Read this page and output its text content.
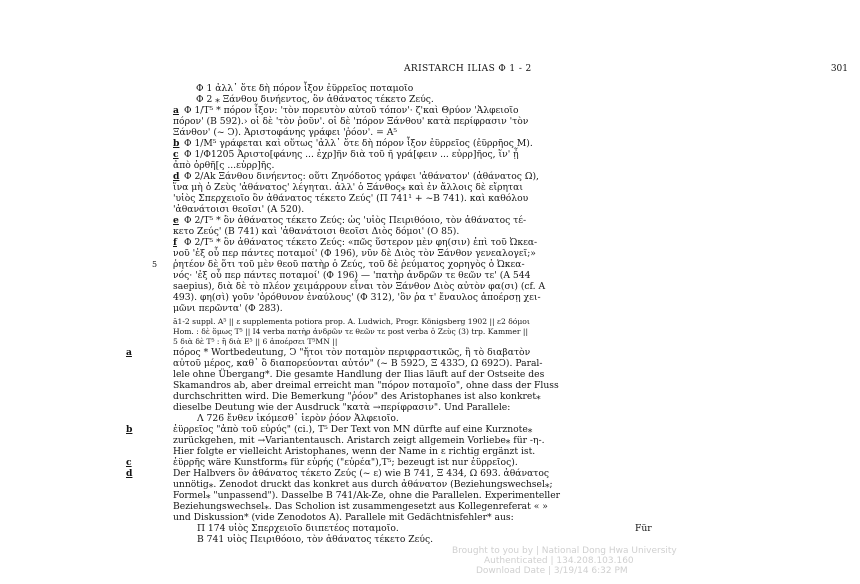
ARISTARCH ILIAS Φ 1 - 2	301
Φ 1 ἀλλ᾽ ὅτε δὴ πόρον ἷξον ἐϋρρεῖος ποταμοῖο
Φ 2 ⁎ Ξάνθου δινήεντος, ὃν ἀθάνατος τέκετο Ζεύς.
a Φ 1/Τ⁵ * πόρον ἷξον: 'τὸν πορευτὸν αὐτοῦ τόπον'· ζ'καὶ Θρύον 'Ἀλφειοῖο
πόρον' (Β 592).› οἱ δὲ 'τὸν ῥοῦν'. οἱ δὲ 'πόρον Ξάνθου' κατὰ περίφρασιν 'τὸν
Ξάνθον' (~ Ͻ). Ἀριστοφάνης γράφει 'ῥόον'. = Α⁵
b Φ 1/Μ⁵ γράφεται καὶ οὕτως 'ἀλλ᾽ ὅτε δὴ πόρον ἷξον ἐϋρρεῖος (ἐϋρρῆος Μ).
c Φ 1/Φ1205 Ἀριστο[φάνης ... ἐχρ]ῆν διὰ τοῦ η̄ γρά[φειν ... εὐρρ]ῆος, ἵν' ᾖ
ἀπὸ ὀρθῆ[ς ...εὐρρ]ῆς.
d Φ 2/Ak Ξάνθου δινήεντος: οὕτι Ζηνόδοτος γράφει 'ἀθάνατον' (ἀθάνατος Ω),
ἵνα μὴ ὁ Ζεὺς 'ἀθάνατος' λέγηται. ἀλλ' ὁ Ξάνθος⁎ καὶ ἐν ἄλλοις δὲ εἴρηται
'υἱὸς Σπερχειοῖο ὃν ἀθάνατος τέκετο Ζεύς' (Π 741¹ + ~Β 741). καὶ καθόλου
'ἀθανάτοισι θεοῖσι' (Α 520).
e Φ 2/Τ⁵ * ὃν ἀθάνατος τέκετο Ζεύς: ὡς 'υἱὸς Πειριθόοιο, τὸν ἀθάνατος τέ-
κετο Ζεύς' (Β 741) καὶ 'ἀθανάτοισι θεοῖσι Διὸς δόμοι' (Ο 85).
f Φ 2/Τ⁵ * ὃν ἀθάνατος τέκετο Ζεύς: «πῶς ὕστερον μὲν φη(σιν) ἐπὶ τοῦ Ὠκεα-
νοῦ 'ἐξ οὗ περ πάντες ποταμοί' (Φ 196), νῦν δὲ Διὸς τὸν Ξάνθον γενεαλογεῖ;»
5 ῥητέον δὲ ὅτι τοῦ μὲν θεοῦ πατὴρ ὁ Ζεύς, τοῦ δὲ ῥεύματος χορηγὸς ὁ Ὠκεα-
νός· 'ἐξ οὗ περ πάντες ποταμοί' (Φ 196) — 'πατὴρ ἀνδρῶν τε θεῶν τε' (Α 544
saepius), διὰ δὲ τὸ πλέον χειμάρρουν εἶναι τὸν Ξάνθον Διὸς αὐτὸν φα(σι) (cf. Α
493). φη(σὶ) γοῦν 'ὀρόθυνον ἐναύλους' (Φ 312), 'ὃν ῥα τ' ἔναυλος ἀποέρσῃ χει-
μῶνι περῶντα' (Φ 283).
ā1-2 suppl. A⁵ || ε supplementa potiora prop. A. Ludwich, Progr. Königsberg 1902 || ε2 δόμοι
Hom. : δὲ ὅμως Τ⁵ || Ι4 verba πατὴρ ἀνδρῶν τε θεῶν τε post verba ὁ Ζεὺς (3) trp. Kammer ||
5 διὰ δὲ Τ⁵ : ἢ διὰ Ε⁵ || 6 ἀποέρσει Τ⁵ΜΝ ||
a	πόρος * Wortbedeutung, Ͻ "ἤτοι τὸν ποταμὸν περιφραστικῶς, ἢ τὸ διαβατὸν
αὐτοῦ μέρος, καθ᾽ ὃ διαπορεύονται αὐτόν" (~ Β 592Ͻ, Ξ 433Ͻ, Ω 692Ͻ). Paral-
lele ohne Übergang*. Die gesamte Handlung der Ilias läuft auf der Ostseite des
Skamandros ab, aber dreimal erreicht man "πόρον ποταμοῖο", ohne dass der Fluss
durchschritten wird. Die Bemerkung "ῥόον" des Aristophanes ist also konkret⁎
dieselbe Deutung wie der Ausdruck "κατὰ →περίφρασιν". Und Parallele:
Λ 726 ἔνθεν ἱκόμεσθ᾽ ἱερὸν ῥόον Ἀλφειοῖο.
b	ἐϋρρεῖος "ἀπὸ τοῦ εὐρύς" (ci.), Τ⁵ Der Text von MN dürfte auf eine Kurznote⁎
zurückgehen, mit →Variantentausch. Aristarch zeigt allgemein Vorliebe⁎ für -η-.
Hier folgte er vielleicht Aristophanes, wenn der Name in ε richtig ergänzt ist.
c	ἐϋρρῆς wäre Kunstform⁎ für εὐρής ("εὐρέα"),Τ⁵; bezeugt ist nur ἐϋρρεῖος).
d	Der Halbvers ὃν ἀθάνατος τέκετο Ζεύς (~ ε) wie Β 741, Ξ 434, Ω 693. ἀθάνατος
unnötig⁎. Zenodot druckt das konkret aus durch ἀθάνατον (Beziehungswechsel⁎;
Formel⁎ "unpassend"). Dasselbe B 741/Ak-Ze, ohne die Parallelen. Experimenteller
Beziehungswechsel⁎. Das Scholion ist zusammengesetzt aus Kollegenreferat « »
und Diskussion* (vide Zenodotos A). Parallele mit Gedächtnisfehler* aus:
Π 174 υἱὸς Σπερχειοῖο διιπετέος ποταμοῖο.	Für
Β 741 υἱὸς Πειριθόοιο, τὸν ἀθάνατος τέκετο Ζεύς.
Brought to you by | National Dong Hwa University
Authenticated | 134.208.103.160
Download Date | 3/19/14 6:32 PM
